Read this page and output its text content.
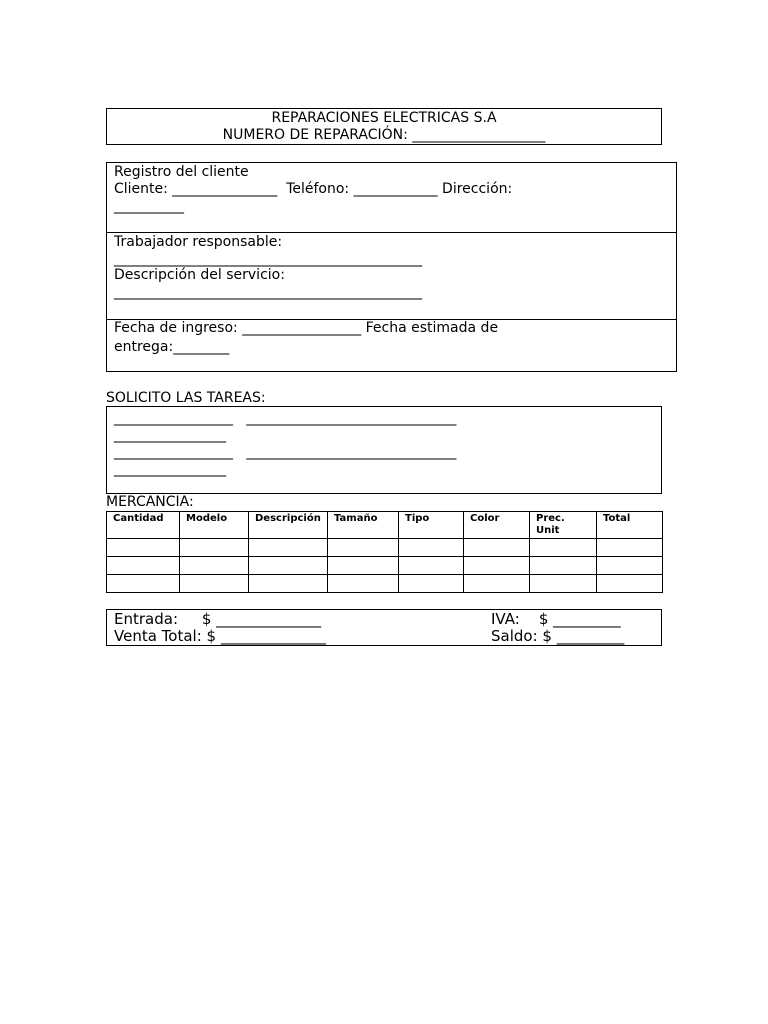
REPARACIONES ELECTRICAS S.A
NUMERO DE REPARACIÓN: ___________________
Registro del cliente
Cliente: _______________  Teléfono: ____________ Dirección:
__________
Trabajador responsable:
____________________________________________
Descripción del servicio:
____________________________________________
Fecha de ingreso: _________________ Fecha estimada de
entrega:________
SOLICITO LAS TAREAS:
_________________   ______________________________
________________
_________________   ______________________________
________________
MERCANCIA:
Cantidad	Modelo	Descripción	Tamaño	Tipo	Color	Prec. Unit	Total

Entrada:     $ ______________
Venta Total: $ ______________
IVA:    $ _________
Saldo: $ _________
